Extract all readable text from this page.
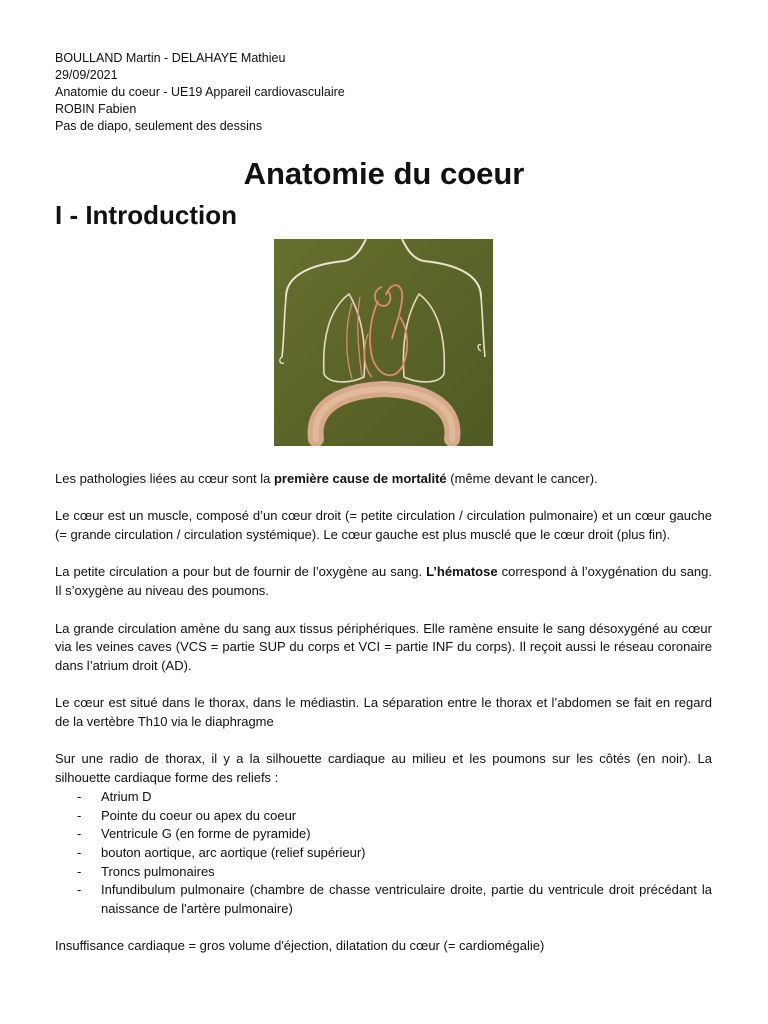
BOULLAND Martin - DELAHAYE Mathieu
29/09/2021
Anatomie du coeur - UE19 Appareil cardiovasculaire
ROBIN Fabien
Pas de diapo, seulement des dessins
Anatomie du coeur
I - Introduction

Les pathologies liées au cœur sont la première cause de mortalité (même devant le cancer).

Le cœur est un muscle, composé d’un cœur droit (= petite circulation / circulation pulmonaire) et un cœur gauche (= grande circulation / circulation systémique). Le cœur gauche est plus musclé que le cœur droit (plus fin).

La petite circulation a pour but de fournir de l’oxygène au sang. L’hématose correspond à l’oxygénation du sang. Il s’oxygène au niveau des poumons.

La grande circulation amène du sang aux tissus périphériques. Elle ramène ensuite le sang désoxygéné au cœur via les veines caves (VCS = partie SUP du corps et VCI = partie INF du corps). Il reçoit aussi le réseau coronaire dans l’atrium droit (AD).

Le cœur est situé dans le thorax, dans le médiastin. La séparation entre le thorax et l’abdomen se fait en regard de la vertèbre Th10 via le diaphragme

Sur une radio de thorax, il y a la silhouette cardiaque au milieu et les poumons sur les côtés (en noir). La silhouette cardiaque forme des reliefs :

- Atrium D
- Pointe du coeur ou apex du coeur
- Ventricule G (en forme de pyramide)
- bouton aortique, arc aortique (relief supérieur)
- Troncs pulmonaires
- Infundibulum pulmonaire (chambre de chasse ventriculaire droite, partie du ventricule droit précédant la naissance de l'artère pulmonaire)

Insuffisance cardiaque = gros volume d'éjection, dilatation du cœur (= cardiomégalie)
